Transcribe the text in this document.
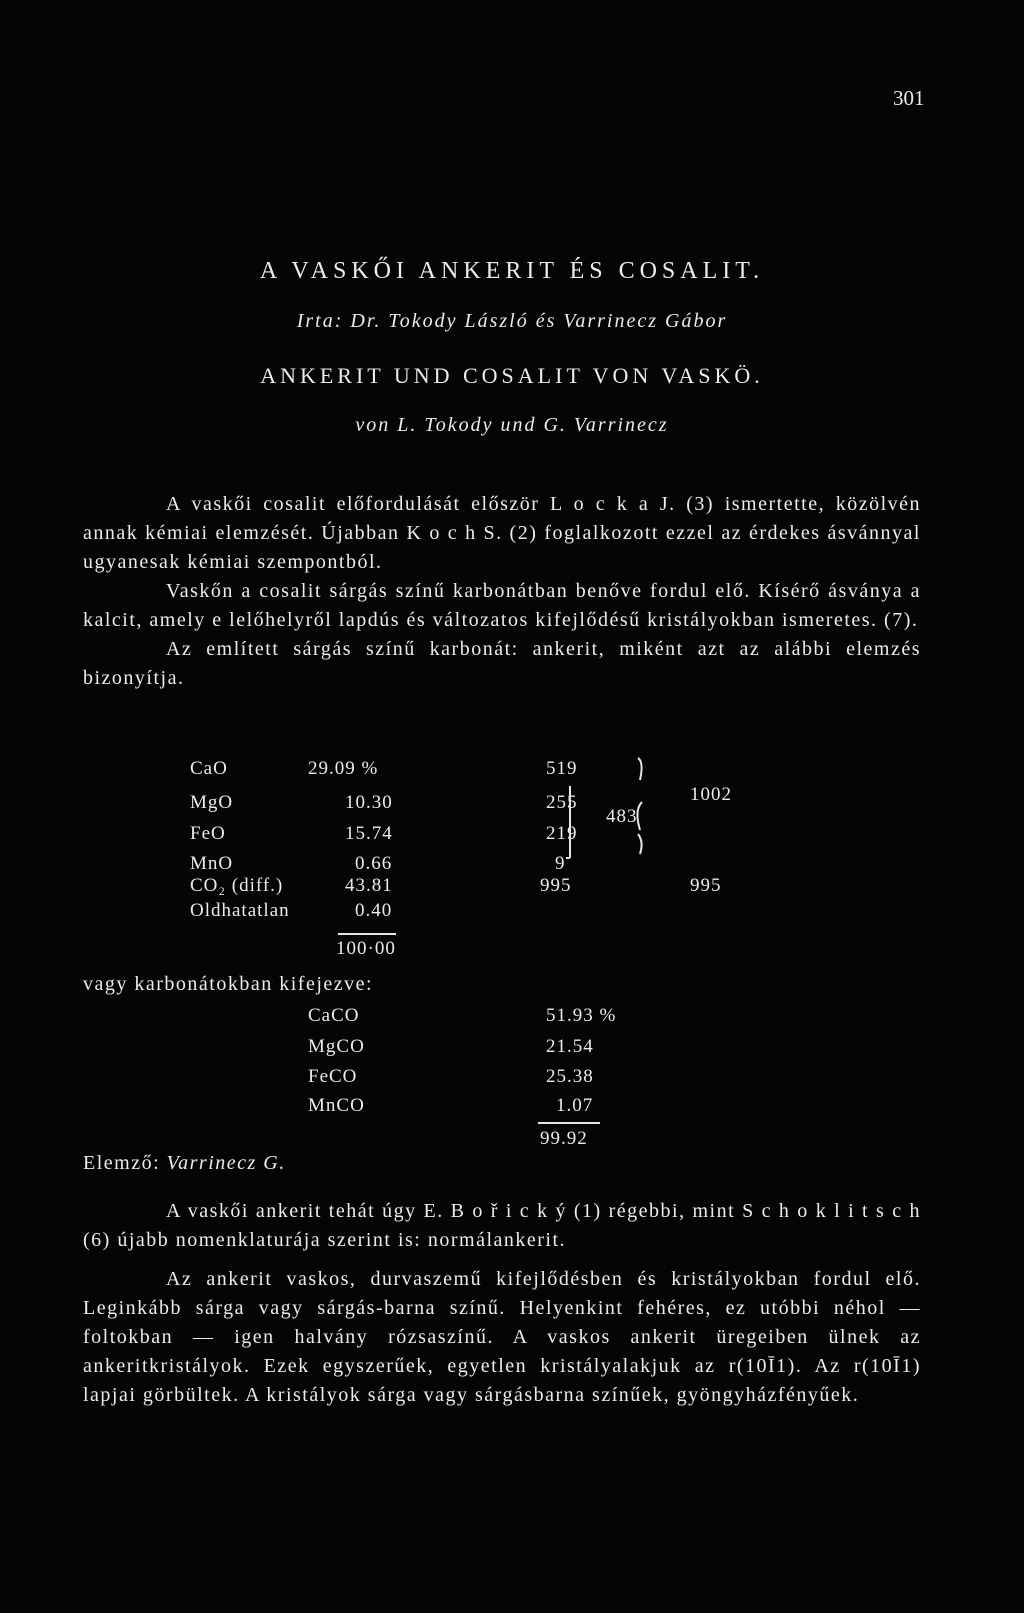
301
A VASKŐI ANKERIT ÉS COSALIT.
Irta: Dr. Tokody László és Varrinecz Gábor
ANKERIT UND COSALIT VON VASKÖ.
von L. Tokody und G. Varrinecz

A vaskői cosalit előfordulását először L o c k a J. (3) ismertette, közölvén annak kémiai elemzését. Újabban K o c h S. (2) foglalkozott ezzel az érdekes ásvánnyal ugyanesak kémiai szempontból.

Vaskőn a cosalit sárgás színű karbonátban benőve fordul elő. Kísérő ásványa a kalcit, amely e lelőhelyről lapdús és változatos kifejlődésű kristályokban ismeretes. (7).

Az említett sárgás színű karbonát: ankerit, miként azt az alábbi elemzés bizonyítja.

CaO
MgO
FeO
MnO
CO₂ (diff.)
Oldhatatlan
29.09 %
10.30
15.74
0.66
43.81
0.40
100·00
519
255
219
9
995
483
1002
995
vagy karbonátokban kifejezve:
CaCO
MgCO
FeCO
MnCO
51.93 %
21.54
25.38
1.07
99.92
Elemző: Varrinecz G.

A vaskői ankerit tehát úgy E. B o ř i c k ý (1) régebbi, mint S c h o k l i t s c h (6) újabb nomenklaturája szerint is: normálankerit.

Az ankerit vaskos, durvaszemű kifejlődésben és kristályokban fordul elő. Leginkább sárga vagy sárgás-barna színű. Helyenkint fehéres, ez utóbbi néhol — foltokban — igen halvány rózsaszínű. A vaskos ankerit üregeiben ülnek az ankeritkristályok. Ezek egyszerűek, egyetlen kristályalakjuk az r(10Ī1). Az r(10Ī1) lapjai görbültek. A kristályok sárga vagy sárgásbarna színűek, gyöngyházfényűek.
